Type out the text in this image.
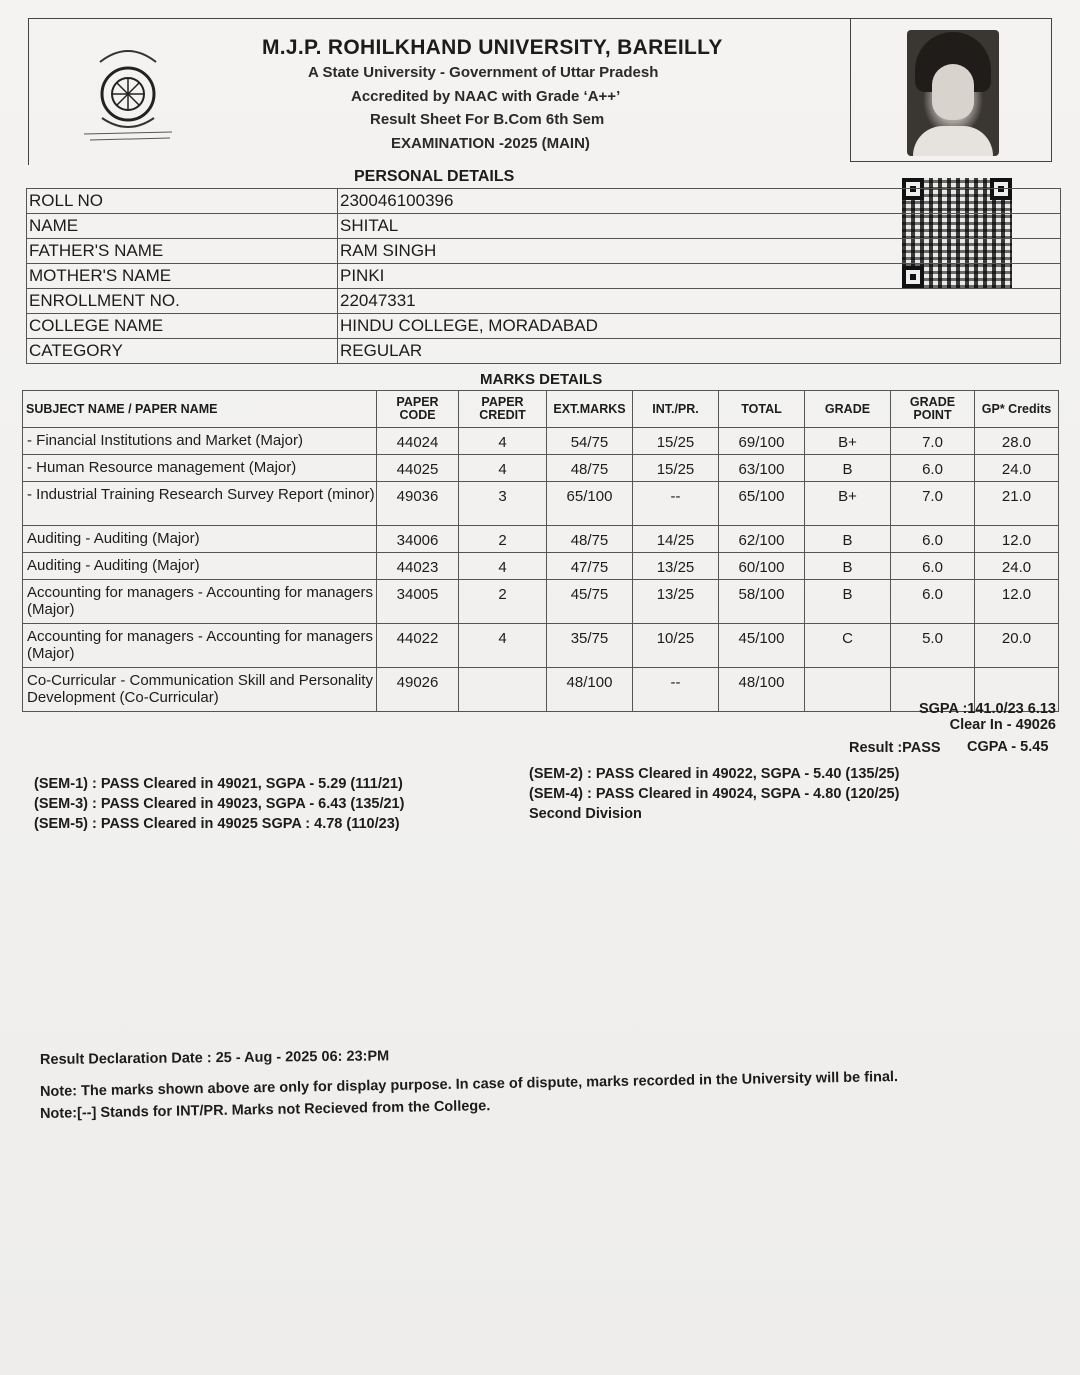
M.J.P. ROHILKHAND UNIVERSITY, BAREILLY
A State University - Government of Uttar Pradesh
Accredited by NAAC with Grade ‘A++’
Result Sheet For B.Com 6th Sem
EXAMINATION -2025 (MAIN)
PERSONAL DETAILS
ROLL NO	230046100396
NAME	SHITAL
FATHER'S NAME	RAM SINGH
MOTHER'S NAME	PINKI
ENROLLMENT NO.	22047331
COLLEGE NAME	HINDU COLLEGE, MORADABAD
CATEGORY	REGULAR
MARKS DETAILS
SUBJECT NAME / PAPER NAME	PAPER CODE	PAPER CREDIT	EXT.MARKS	INT./PR.	TOTAL	GRADE	GRADE POINT	GP* Credits
- Financial Institutions and Market (Major)	44024	4	54/75	15/25	69/100	B+	7.0	28.0
- Human Resource management (Major)	44025	4	48/75	15/25	63/100	B	6.0	24.0
- Industrial Training Research Survey Report (minor)	49036	3	65/100	--	65/100	B+	7.0	21.0
Auditing - Auditing (Major)	34006	2	48/75	14/25	62/100	B	6.0	12.0
Auditing - Auditing (Major)	44023	4	47/75	13/25	60/100	B	6.0	24.0
Accounting for managers - Accounting for managers (Major)	34005	2	45/75	13/25	58/100	B	6.0	12.0
Accounting for managers - Accounting for managers (Major)	44022	4	35/75	10/25	45/100	C	5.0	20.0
Co-Curricular - Communication Skill and Personality Development (Co-Curricular)	49026		48/100	--	48/100			
SGPA :141.0/23 6.13
Clear In - 49026
Result :PASS CGPA - 5.45
(SEM-1) : PASS Cleared in 49021, SGPA - 5.29 (111/21)
(SEM-3) : PASS Cleared in 49023, SGPA - 6.43 (135/21)
(SEM-5) : PASS Cleared in 49025 SGPA : 4.78 (110/23)
(SEM-2) : PASS Cleared in 49022, SGPA - 5.40 (135/25)
(SEM-4) : PASS Cleared in 49024, SGPA - 4.80 (120/25)
Second Division
Result Declaration Date : 25 - Aug - 2025 06: 23:PM
Note: The marks shown above are only for display purpose. In case of dispute, marks recorded in the University will be final.
Note:[--] Stands for INT/PR. Marks not Recieved from the College.
